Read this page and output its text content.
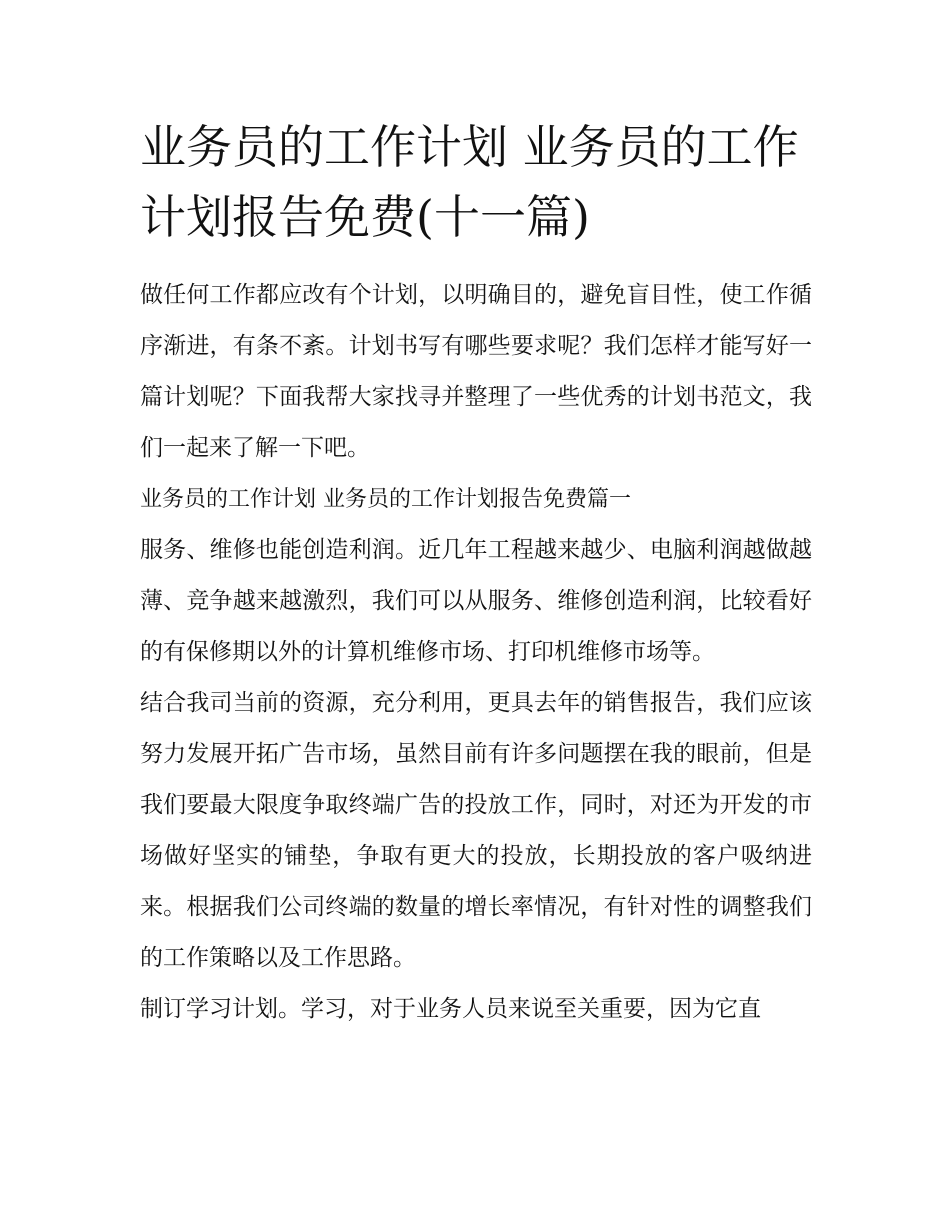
业务员的工作计划 业务员的工作计划报告免费(十一篇)

做任何工作都应改有个计划，以明确目的，避免盲目性，使工作循序渐进，有条不紊。计划书写有哪些要求呢？我们怎样才能写好一篇计划呢？下面我帮大家找寻并整理了一些优秀的计划书范文，我们一起来了解一下吧。

业务员的工作计划 业务员的工作计划报告免费篇一

服务、维修也能创造利润。近几年工程越来越少、电脑利润越做越薄、竞争越来越激烈，我们可以从服务、维修创造利润，比较看好的有保修期以外的计算机维修市场、打印机维修市场等。

结合我司当前的资源，充分利用，更具去年的销售报告，我们应该努力发展开拓广告市场，虽然目前有许多问题摆在我的眼前，但是我们要最大限度争取终端广告的投放工作，同时，对还为开发的市场做好坚实的铺垫，争取有更大的投放，长期投放的客户吸纳进来。根据我们公司终端的数量的增长率情况，有针对性的调整我们的工作策略以及工作思路。

制订学习计划。学习，对于业务人员来说至关重要，因为它直
